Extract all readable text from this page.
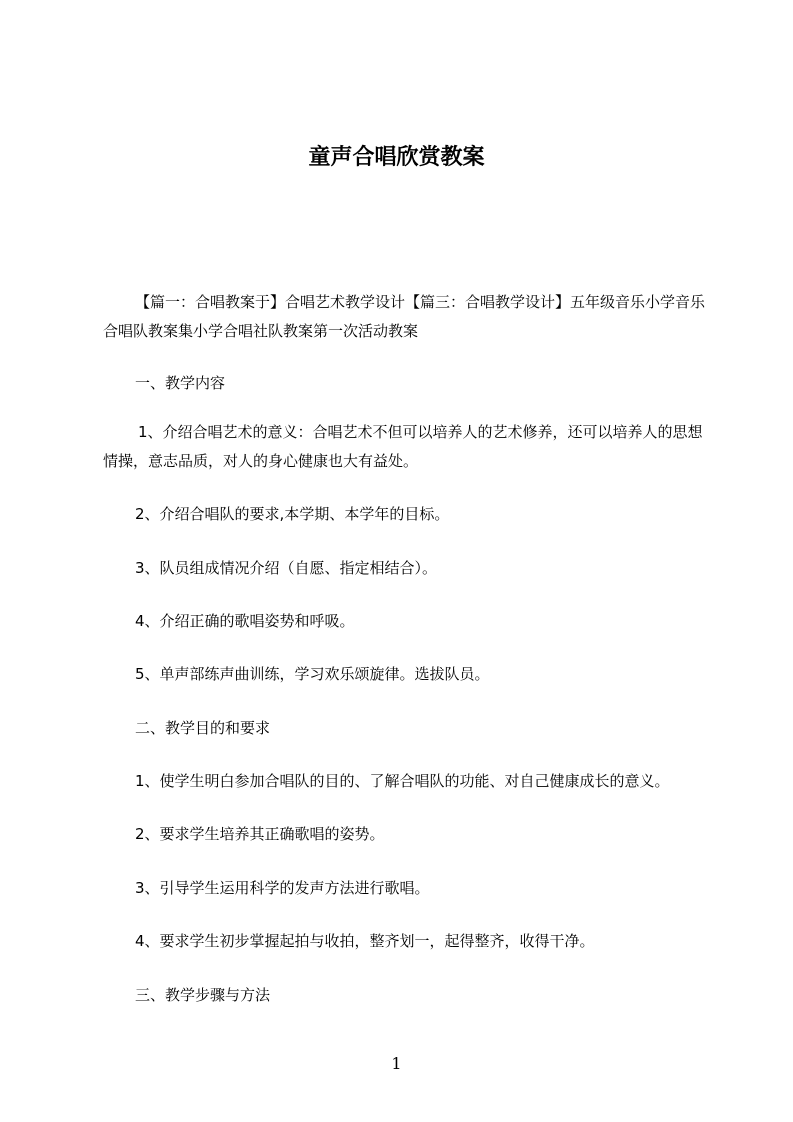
童声合唱欣赏教案

【篇一：合唱教案于】合唱艺术教学设计【篇三：合唱教学设计】五年级音乐小学音乐合唱队教案集小学合唱社队教案第一次活动教案

一、教学内容

1、介绍合唱艺术的意义：合唱艺术不但可以培养人的艺术修养，还可以培养人的思想情操，意志品质，对人的身心健康也大有益处。

2、介绍合唱队的要求,本学期、本学年的目标。

3、队员组成情况介绍（自愿、指定相结合）。

4、介绍正确的歌唱姿势和呼吸。

5、单声部练声曲训练，学习欢乐颂旋律。选拔队员。

二、教学目的和要求

1、使学生明白参加合唱队的目的、了解合唱队的功能、对自己健康成长的意义。

2、要求学生培养其正确歌唱的姿势。

3、引导学生运用科学的发声方法进行歌唱。

4、要求学生初步掌握起拍与收拍，整齐划一，起得整齐，收得干净。

三、教学步骤与方法

1
